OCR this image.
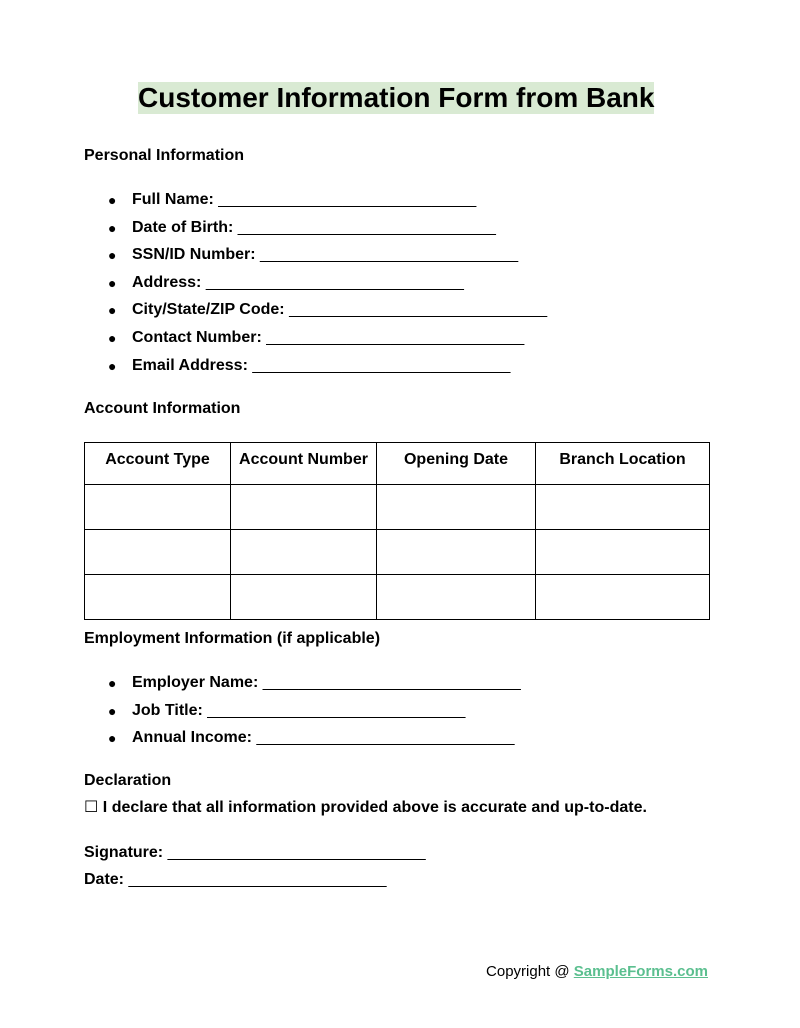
Customer Information Form from Bank
Personal Information
● Full Name: _____________________________
● Date of Birth: _____________________________
● SSN/ID Number: _____________________________
● Address: _____________________________
● City/State/ZIP Code: _____________________________
● Contact Number: _____________________________
● Email Address: _____________________________
Account Information
Account Type	Account Number	Opening Date	Branch Location

Employment Information (if applicable)
● Employer Name: _____________________________
● Job Title: _____________________________
● Annual Income: _____________________________
Declaration
☐ I declare that all information provided above is accurate and up-to-date.
Signature: _____________________________
Date: _____________________________
Copyright @ SampleForms.com
